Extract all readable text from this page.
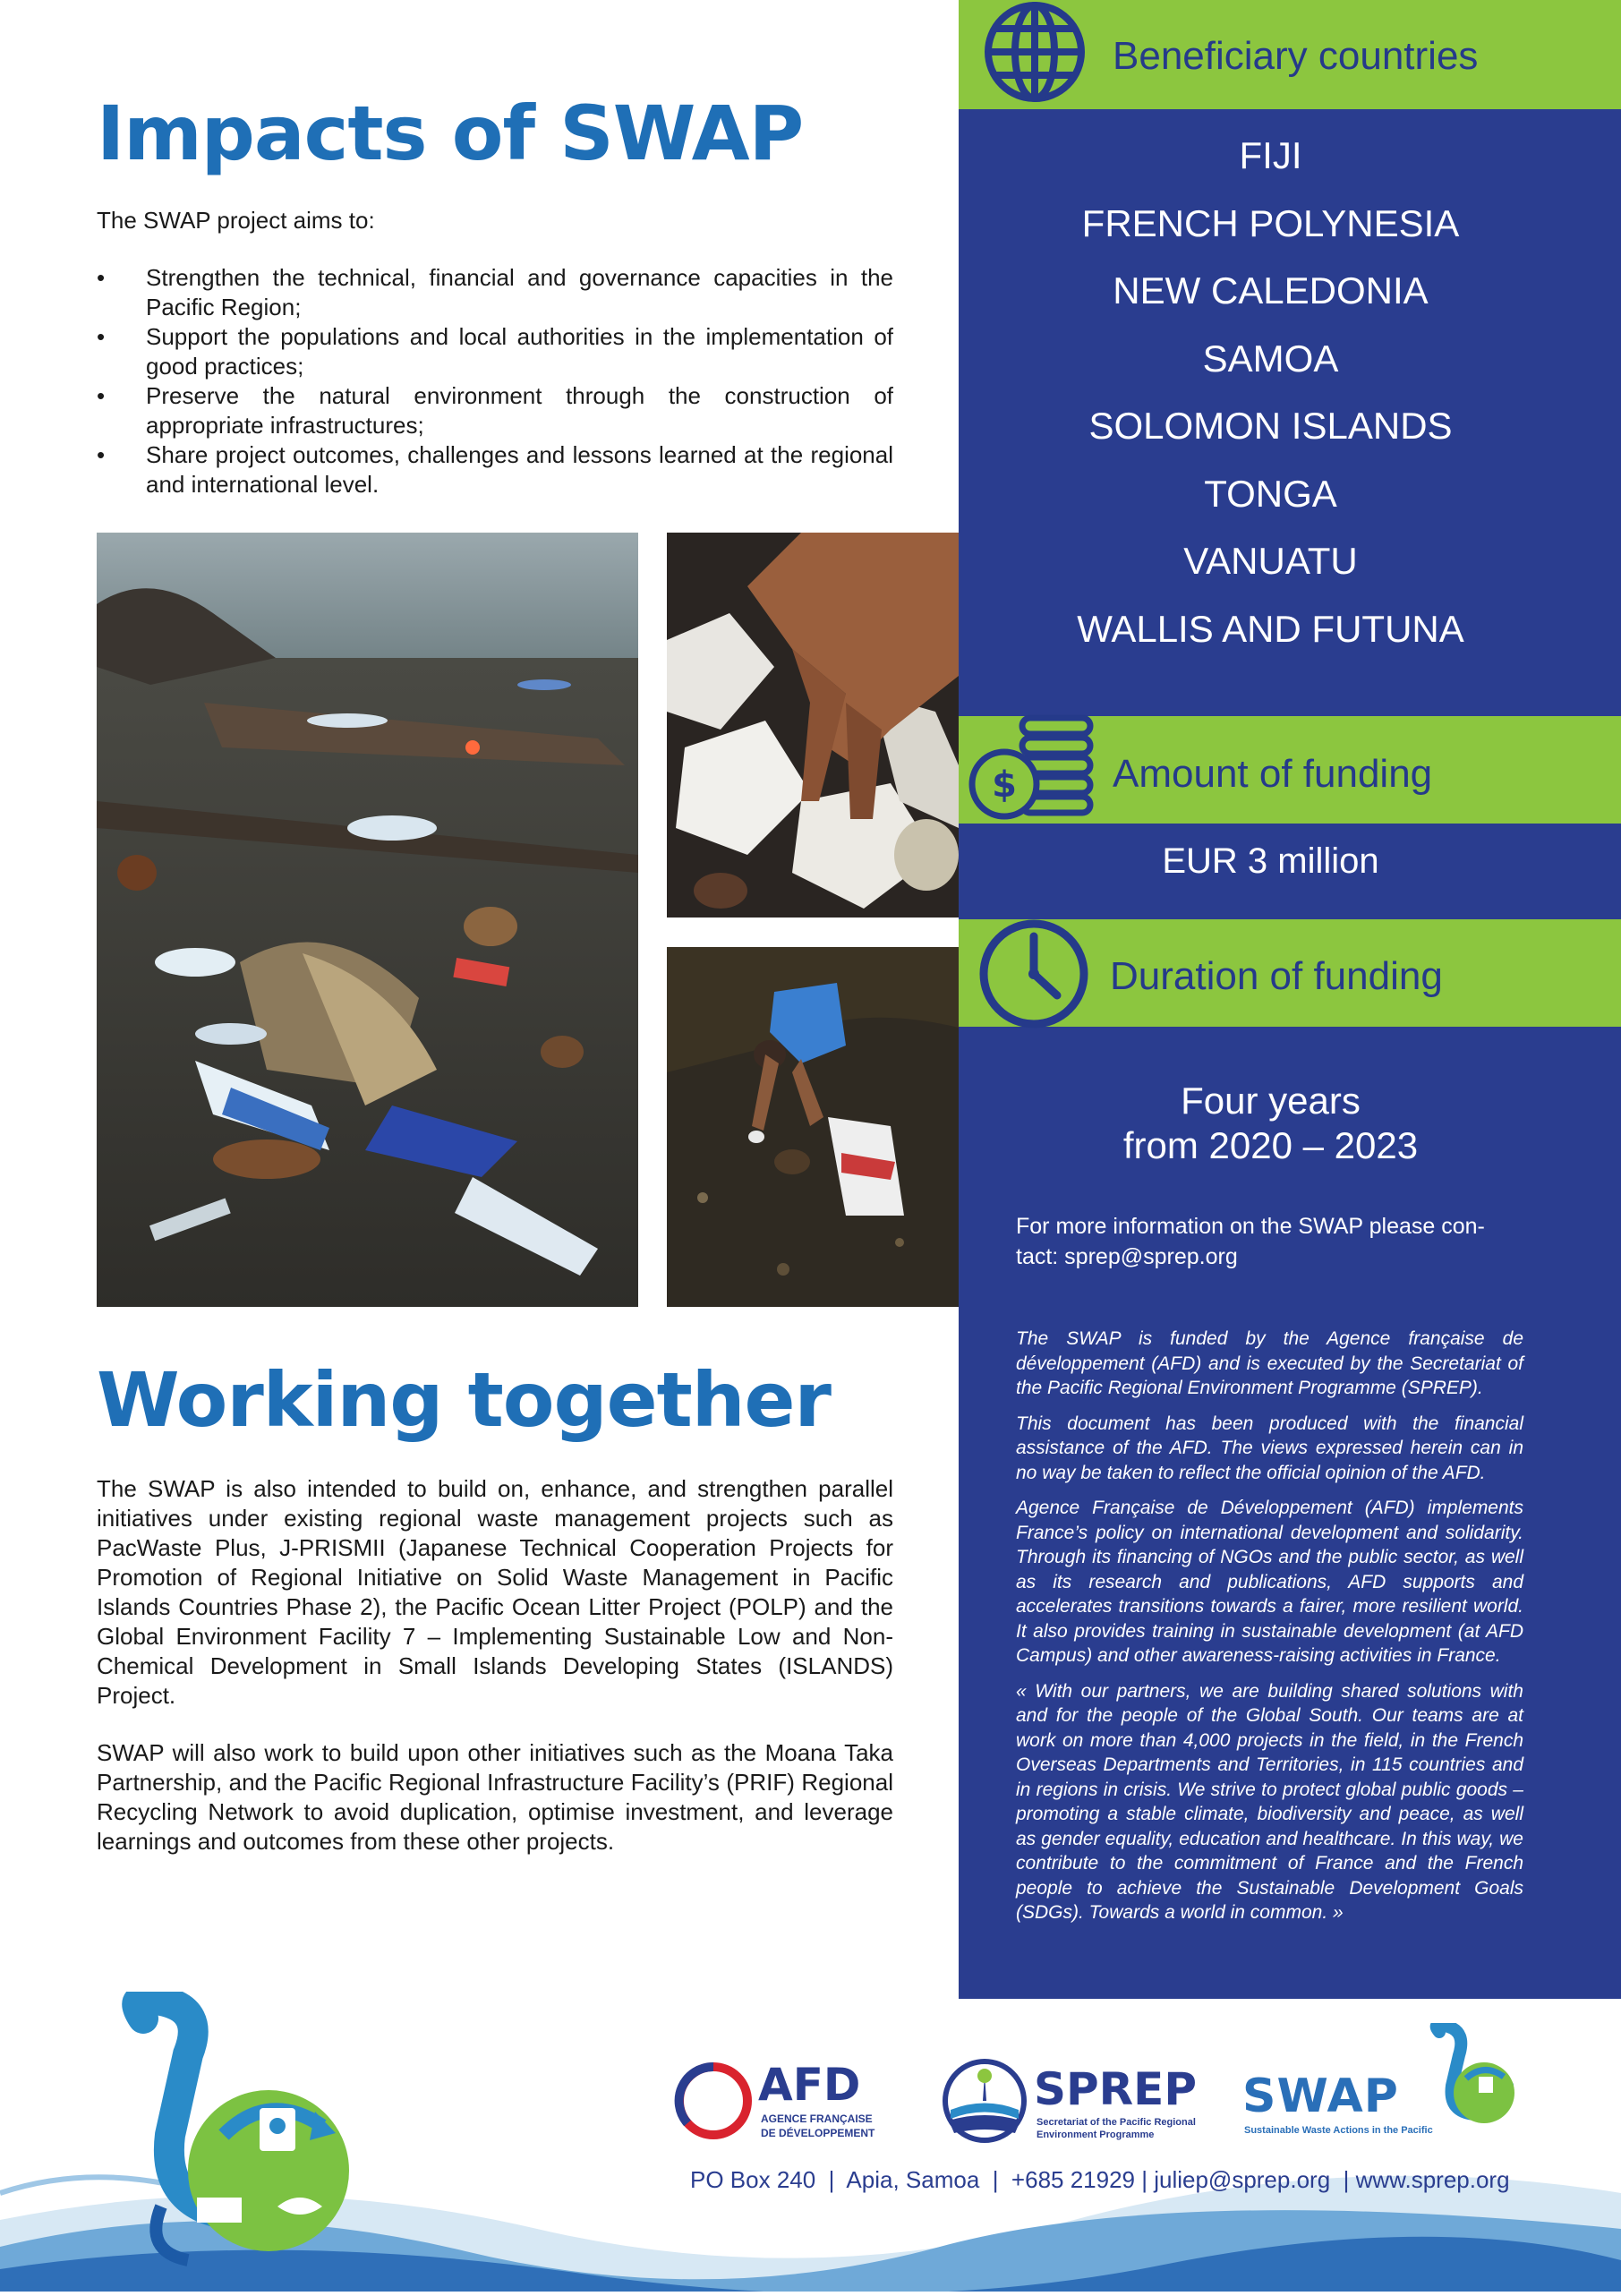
Impacts of SWAP
The SWAP project aims to:
• Strengthen the technical, financial and governance capacities in the Pacific Region;
• Support the populations and local authorities in the implementation of good practices;
• Preserve the natural environment through the construction of appropriate infrastructures;
• Share project outcomes, challenges and lessons learned at the regional and international level.
Working together
The SWAP is also intended to build on, enhance, and strengthen parallel initiatives under existing regional waste management projects such as PacWaste Plus, J-PRISMII (Japanese Technical Cooperation Projects for Promotion of Regional Initiative on Solid Waste Management in Pacific Islands Countries Phase 2), the Pacific Ocean Litter Project (POLP) and the Global Environment Facility 7 – Implementing Sustainable Low and Non-Chemical Development in Small Islands Developing States (ISLANDS) Project.
SWAP will also work to build upon other initiatives such as the Moana Taka Partnership, and the Pacific Regional Infrastructure Facility’s (PRIF) Regional Recycling Network to avoid duplication, optimise investment, and leverage learnings and outcomes from these other projects.
Beneficiary countries
FIJI
FRENCH POLYNESIA
NEW CALEDONIA
SAMOA
SOLOMON ISLANDS
TONGA
VANUATU
WALLIS AND FUTUNA
$ Amount of funding
EUR 3 million
Duration of funding
Four years
from 2020 – 2023
For more information on the SWAP please con-
tact: sprep@sprep.org

The SWAP is funded by the Agence française de développement (AFD) and is executed by the Secretariat of the Pacific Regional Environment Programme (SPREP).

This document has been produced with the financial assistance of the AFD. The views expressed herein can in no way be taken to reflect the official opinion of the AFD.

Agence Française de Développement (AFD) implements France’s policy on international development and solidarity. Through its financing of NGOs and the public sector, as well as its research and publications, AFD supports and accelerates transitions towards a fairer, more resilient world. It also provides training in sustainable development (at AFD Campus) and other awareness-raising activities in France.

« With our partners, we are building shared solutions with and for the people of the Global South. Our teams are at work on more than 4,000 projects in the field, in the French Overseas Departments and Territories, in 115 countries and in regions in crisis. We strive to protect global public goods – promoting a stable climate, biodiversity and peace, as well as gender equality, education and healthcare. In this way, we contribute to the commitment of France and the French people to achieve the Sustainable Development Goals (SDGs). Towards a world in common. »

AFD
AGENCE FRANÇAISE
DE DÉVELOPPEMENT
SPREP
Secretariat of the Pacific Regional
Environment Programme
SWAP
Sustainable Waste Actions in the Pacific
PO Box 240  |  Apia, Samoa  |  +685 21929 | juliep@sprep.org  | www.sprep.org
